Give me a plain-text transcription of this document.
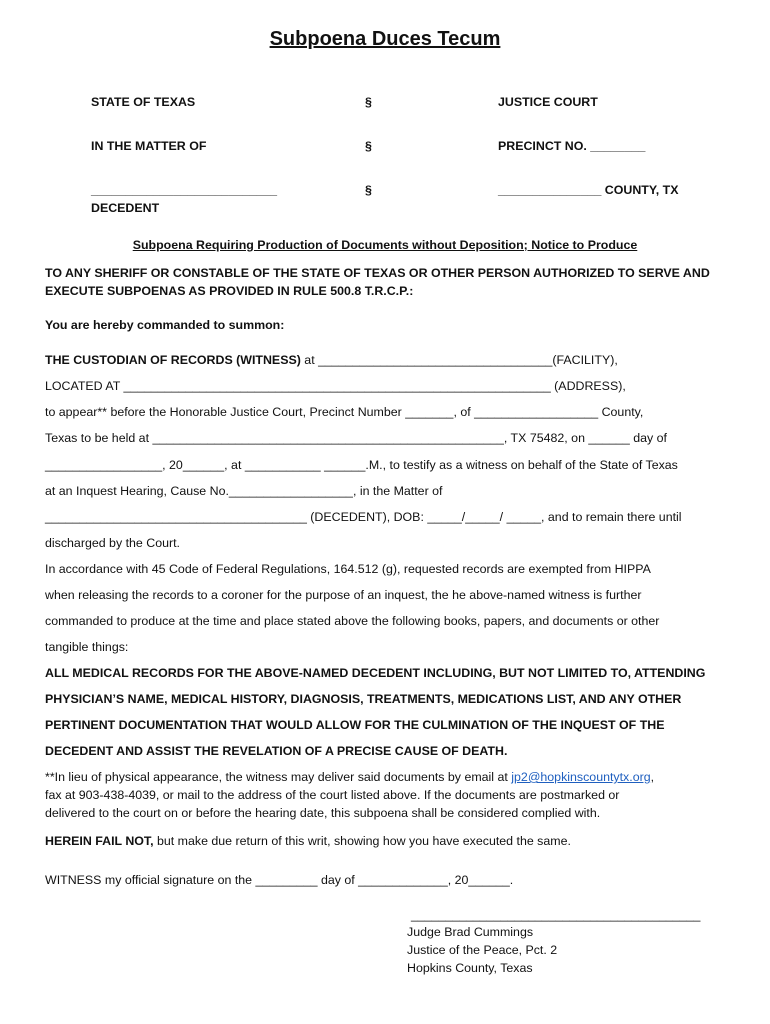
Subpoena Duces Tecum
STATE OF TEXAS	§	JUSTICE COURT
IN THE MATTER OF	§	PRECINCT NO. ________
___________________________	§	_______________ COUNTY, TX
DECEDENT
Subpoena Requiring Production of Documents without Deposition; Notice to Produce
TO ANY SHERIFF OR CONSTABLE OF THE STATE OF TEXAS OR OTHER PERSON AUTHORIZED TO SERVE AND
EXECUTE SUBPOENAS AS PROVIDED IN RULE 500.8 T.R.C.P.:
You are hereby commanded to summon:
THE CUSTODIAN OF RECORDS (WITNESS) at __________________________________(FACILITY),
LOCATED AT ______________________________________________________________ (ADDRESS),
to appear** before the Honorable Justice Court, Precinct Number _______, of __________________ County,
Texas to be held at ___________________________________________________, TX 75482, on ______ day of
_________________, 20______, at ___________ ______.M., to testify as a witness on behalf of the State of Texas
at an Inquest Hearing, Cause No.__________________, in the Matter of
______________________________________ (DECEDENT), DOB: _____/_____/ _____, and to remain there until
discharged by the Court.
In accordance with 45 Code of Federal Regulations, 164.512 (g), requested records are exempted from HIPPA
when releasing the records to a coroner for the purpose of an inquest, the he above-named witness is further
commanded to produce at the time and place stated above the following books, papers, and documents or other
tangible things:
ALL MEDICAL RECORDS FOR THE ABOVE-NAMED DECEDENT INCLUDING, BUT NOT LIMITED TO, ATTENDING
PHYSICIAN’S NAME, MEDICAL HISTORY, DIAGNOSIS, TREATMENTS, MEDICATIONS LIST, AND ANY OTHER
PERTINENT DOCUMENTATION THAT WOULD ALLOW FOR THE CULMINATION OF THE INQUEST OF THE
DECEDENT AND ASSIST THE REVELATION OF A PRECISE CAUSE OF DEATH.
**In lieu of physical appearance, the witness may deliver said documents by email at jp2@hopkinscountytx.org,
fax at 903-438-4039, or mail to the address of the court listed above. If the documents are postmarked or
delivered to the court on or before the hearing date, this subpoena shall be considered complied with.
HEREIN FAIL NOT, but make due return of this writ, showing how you have executed the same.
WITNESS my official signature on the _________ day of _____________, 20______.
__________________________________________
Judge Brad Cummings
Justice of the Peace, Pct. 2
Hopkins County, Texas
